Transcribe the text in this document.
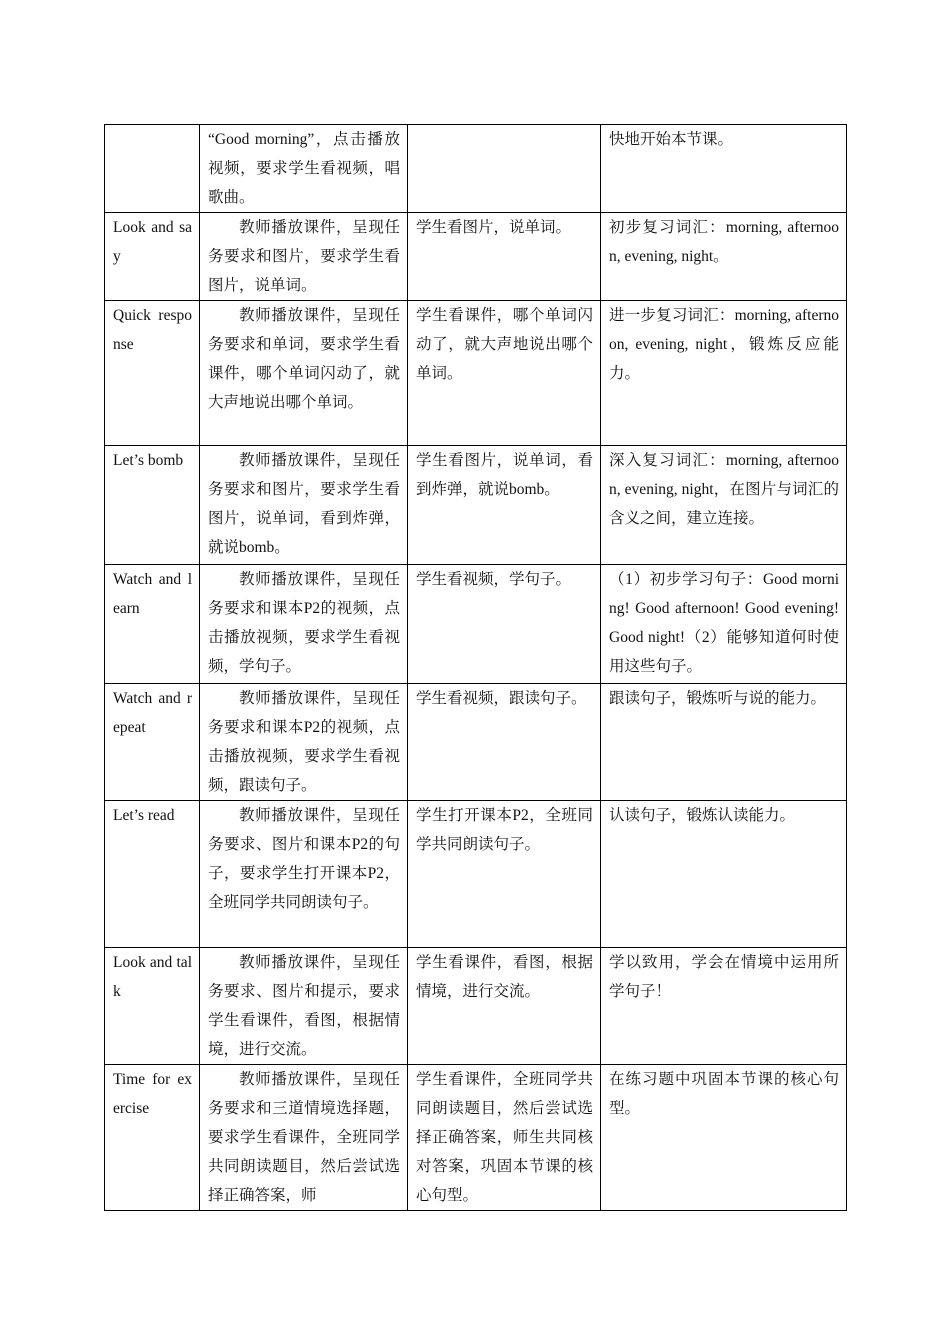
	“Good morning”，点击播放视频，要求学生看视频，唱歌曲。		快地开始本节课。
Look and say	教师播放课件，呈现任务要求和图片，要求学生看图片，说单词。	学生看图片，说单词。	初步复习词汇：morning, afternoon, evening, night。
Quick response	教师播放课件，呈现任务要求和单词，要求学生看课件，哪个单词闪动了，就大声地说出哪个单词。	学生看课件，哪个单词闪动了，就大声地说出哪个单词。	进一步复习词汇：morning, afternoon, evening, night，锻炼反应能力。
Let’s bomb	教师播放课件，呈现任务要求和图片，要求学生看图片，说单词，看到炸弹，就说bomb。	学生看图片，说单词，看到炸弹，就说bomb。	深入复习词汇：morning, afternoon, evening, night，在图片与词汇的含义之间，建立连接。
Watch and learn	教师播放课件，呈现任务要求和课本P2的视频，点击播放视频，要求学生看视频，学句子。	学生看视频，学句子。	（1）初步学习句子：Good morning! Good afternoon! Good evening! Good night!（2）能够知道何时使用这些句子。
Watch and repeat	教师播放课件，呈现任务要求和课本P2的视频，点击播放视频，要求学生看视频，跟读句子。	学生看视频，跟读句子。	跟读句子，锻炼听与说的能力。
Let’s read	教师播放课件，呈现任务要求、图片和课本P2的句子，要求学生打开课本P2，全班同学共同朗读句子。	学生打开课本P2，全班同学共同朗读句子。	认读句子，锻炼认读能力。
Look and talk	教师播放课件，呈现任务要求、图片和提示，要求学生看课件，看图，根据情境，进行交流。	学生看课件，看图，根据情境，进行交流。	学以致用，学会在情境中运用所学句子！
Time for exercise	教师播放课件，呈现任务要求和三道情境选择题，要求学生看课件，全班同学共同朗读题目，然后尝试选择正确答案，师	学生看课件，全班同学共同朗读题目，然后尝试选择正确答案，师生共同核对答案，巩固本节课的核心句型。	在练习题中巩固本节课的核心句型。
